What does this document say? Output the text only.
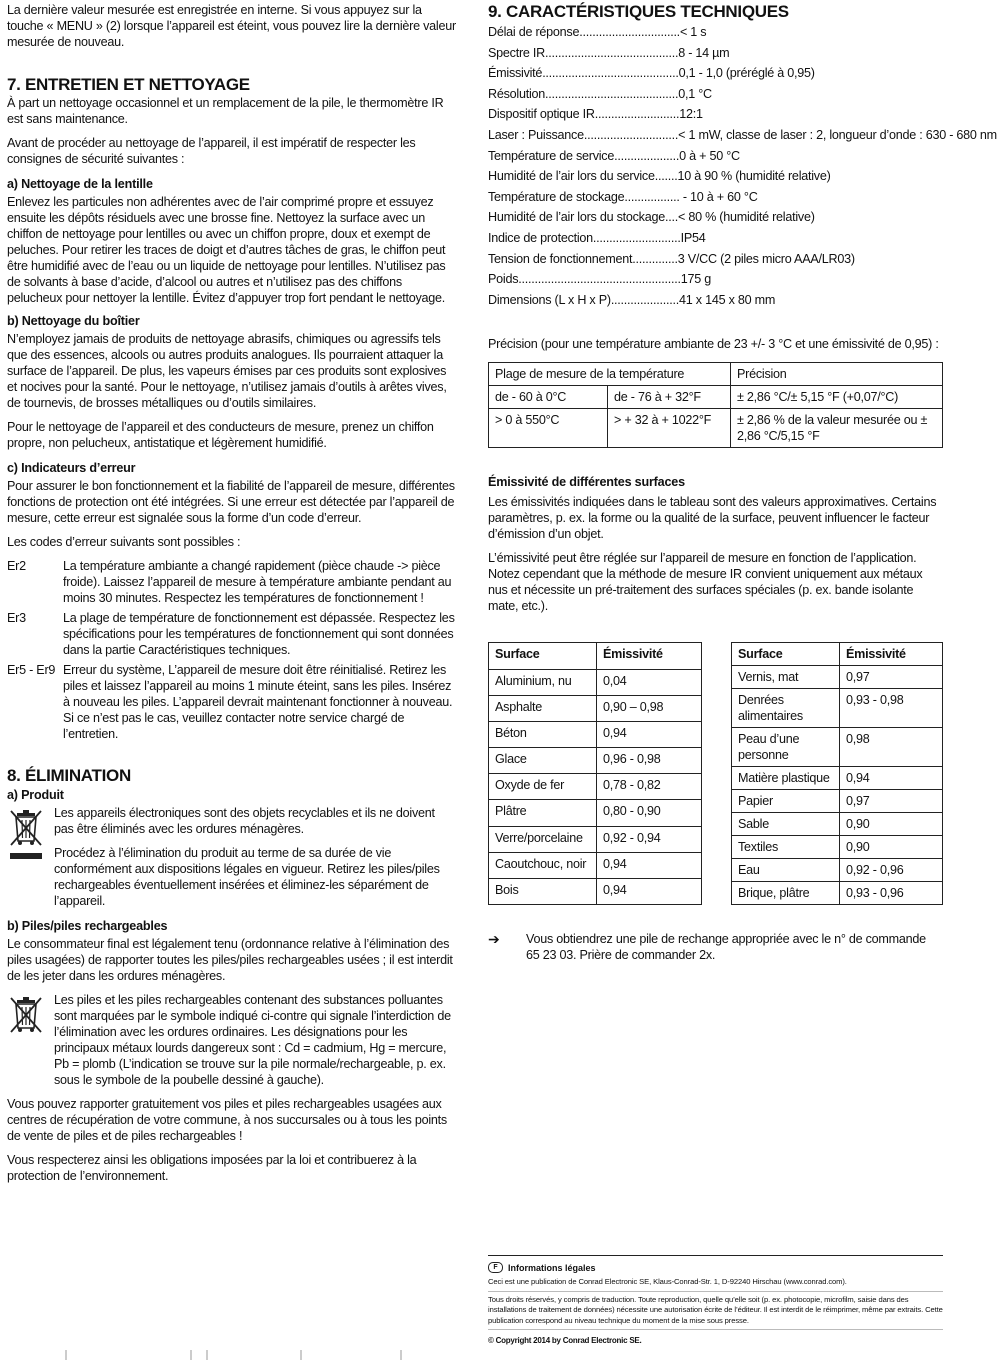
La dernière valeur mesurée est enregistrée en interne. Si vous appuyez sur la touche « MENU » (2) lorsque l’appareil est éteint, vous pouvez lire la dernière valeur mesurée de nouveau.

7. ENTRETIEN ET NETTOYAGE

À part un nettoyage occasionnel et un remplacement de la pile, le thermomètre IR est sans maintenance.

Avant de procéder au nettoyage de l’appareil, il est impératif de respecter les consignes de sécurité suivantes :

a) Nettoyage de la lentille

Enlevez les particules non adhérentes avec de l’air comprimé propre et essuyez ensuite les dépôts résiduels avec une brosse fine. Nettoyez la surface avec un chiffon de nettoyage pour lentilles ou avec un chiffon propre, doux et exempt de peluches. Pour retirer les traces de doigt et d’autres tâches de gras, le chiffon peut être humidifié avec de l’eau ou un liquide de nettoyage pour lentilles. N’utilisez pas de solvants à base d’acide, d’alcool ou autres et n’utilisez pas des chiffons pelucheux pour nettoyer la lentille. Évitez d’appuyer trop fort pendant le nettoyage.

b) Nettoyage du boîtier

N’employez jamais de produits de nettoyage abrasifs, chimiques ou agressifs tels que des essences, alcools ou autres produits analogues. Ils pourraient attaquer la surface de l’appareil. De plus, les vapeurs émises par ces produits sont explosives et nocives pour la santé. Pour le nettoyage, n’utilisez jamais d’outils à arêtes vives, de tournevis, de brosses métalliques ou d’outils similaires.

Pour le nettoyage de l’appareil et des conducteurs de mesure, prenez un chiffon propre, non pelucheux, antistatique et légèrement humidifié.

c) Indicateurs d’erreur

Pour assurer le bon fonctionnement et la fiabilité de l’appareil de mesure, différentes fonctions de protection ont été intégrées. Si une erreur est détectée par l’appareil de mesure, cette erreur est signalée sous la forme d’un code d’erreur.

Les codes d’erreur suivants sont possibles :

Er2	La température ambiante a changé rapidement (pièce chaude -> pièce froide). Laissez l’appareil de mesure à température ambiante pendant au moins 30 minutes. Respectez les températures de fonctionnement !
Er3	La plage de température de fonctionnement est dépassée. Respectez les spécifications pour les températures de fonctionnement qui sont données dans la partie Caractéristiques techniques.
Er5 - Er9	Erreur du système, L’appareil de mesure doit être réinitialisé. Retirez les piles et laissez l’appareil au moins 1 minute éteint, sans les piles. Insérez à nouveau les piles. L’appareil devrait maintenant fonctionner à nouveau. Si ce n’est pas le cas, veuillez contacter notre service chargé de l’entretien.
8. ÉLIMINATION
a) Produit

Les appareils électroniques sont des objets recyclables et ils ne doivent pas être éliminés avec les ordures ménagères.

Procédez à l’élimination du produit au terme de sa durée de vie conformément aux dispositions légales en vigueur. Retirez les piles/piles rechargeables éventuellement insérées et éliminez-les séparément de l’appareil.

b) Piles/piles rechargeables

Le consommateur final est légalement tenu (ordonnance relative à l’élimination des piles usagées) de rapporter toutes les piles/piles rechargeables usées ; il est interdit de les jeter dans les ordures ménagères.

Les piles et les piles rechargeables contenant des substances polluantes sont marquées par le symbole indiqué ci-contre qui signale l’interdiction de l’élimination avec les ordures ordinaires. Les désignations pour les principaux métaux lourds dangereux sont : Cd = cadmium, Hg = mercure, Pb = plomb (L’indication se trouve sur la pile normale/rechargeable, p. ex. sous le symbole de la poubelle dessiné à gauche).

Vous pouvez rapporter gratuitement vos piles et piles rechargeables usagées aux centres de récupération de votre commune, à nos succursales ou à tous les points de vente de piles et de piles rechargeables !

Vous respecterez ainsi les obligations imposées par la loi et contribuerez à la protection de l’environnement.

9. CARACTÉRISTIQUES TECHNIQUES
Délai de réponse...............................< 1 s
Spectre IR.........................................8 - 14 µm
Émissivité..........................................0,1 - 1,0 (préréglé à 0,95)
Résolution.........................................0,1 °C
Dispositif optique IR..........................12:1
Laser : Puissance.............................< 1 mW, classe de laser : 2, longueur d’onde : 630 - 680 nm
Température de service....................0 à + 50 °C
Humidité de l’air lors du service.......10 à 90 % (humidité relative)
Température de stockage................. - 10 à + 60 °C
Humidité de l’air lors du stockage....< 80 % (humidité relative)
Indice de protection...........................IP54
Tension de fonctionnement..............3 V/CC (2 piles micro AAA/LR03)
Poids..................................................175 g
Dimensions (L x H x P).....................41 x 145 x 80 mm

Précision (pour une température ambiante de 23 +/- 3 °C et une émissivité de 0,95) :

Plage de mesure de la température		Précision
de - 60 à 0°C	de - 76 à + 32°F	± 2,86 °C/± 5,15 °F (+0,07/°C)
> 0 à 550°C	> + 32 à + 1022°F	± 2,86 % de la valeur mesurée ou ± 2,86 °C/5,15 °F
Émissivité de différentes surfaces

Les émissivités indiquées dans le tableau sont des valeurs approximatives. Certains paramètres, p. ex. la forme ou la qualité de la surface, peuvent influencer le facteur d’émission d’un objet.

L’émissivité peut être réglée sur l’appareil de mesure en fonction de l’application. Notez cependant que la méthode de mesure IR convient uniquement aux métaux nus et nécessite un pré-traitement des surfaces spéciales (p. ex. bande isolante mate, etc.).

Surface	Émissivité
Aluminium, nu	0,04
Asphalte	0,90 – 0,98
Béton	0,94
Glace	0,96 - 0,98
Oxyde de fer	0,78 - 0,82
Plâtre	0,80 - 0,90
Verre/porcelaine	0,92 - 0,94
Caoutchouc, noir	0,94
Bois	0,94
Surface	Émissivité
Vernis, mat	0,97
Denrées alimentaires	0,93 - 0,98
Peau d’une personne	0,98
Matière plastique	0,94
Papier	0,97
Sable	0,90
Textiles	0,90
Eau	0,92 - 0,96
Brique, plâtre	0,93 - 0,96
➔	Vous obtiendrez une pile de rechange appropriée avec le n° de commande 65 23 03. Prière de commander 2x.

F	Informations légales

Ceci est une publication de Conrad Electronic SE, Klaus-Conrad-Str. 1, D-92240 Hirschau (www.conrad.com).

Tous droits réservés, y compris de traduction. Toute reproduction, quelle qu’elle soit (p. ex. photocopie, microfilm, saisie dans des installations de traitement de données) nécessite une autorisation écrite de l’éditeur. Il est interdit de le réimprimer, même par extraits. Cette publication correspond au niveau technique du moment de la mise sous presse.

© Copyright 2014 by Conrad Electronic SE.
